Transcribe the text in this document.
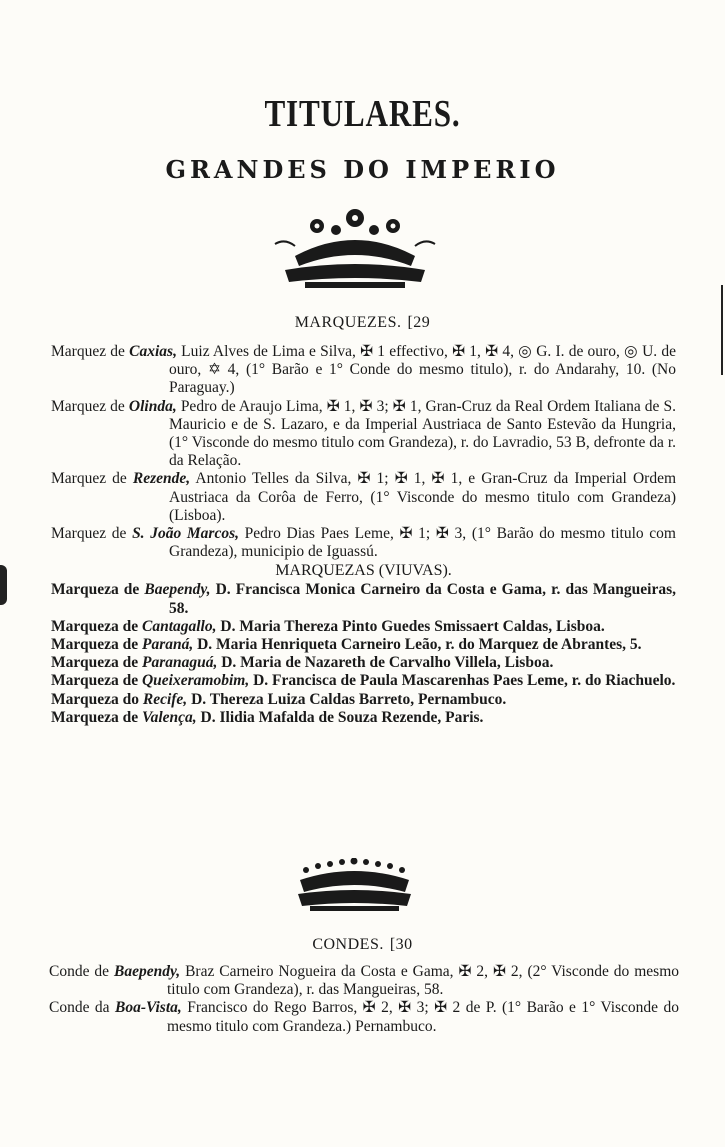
TITULARES.
GRANDES DO IMPERIO
MARQUEZES. [29
Marquez de Caxias, Luiz Alves de Lima e Silva, ✠ 1 effectivo, ✠ 1, ✠ 4, ◎ G. I. de ouro, ◎ U. de ouro, ✡ 4, (1° Barão e 1° Conde do mesmo titulo), r. do Andarahy, 10. (No Paraguay.)
Marquez de Olinda, Pedro de Araujo Lima, ✠ 1, ✠ 3; ✠ 1, Gran-Cruz da Real Ordem Italiana de S. Mauricio e de S. Lazaro, e da Imperial Austriaca de Santo Estevão da Hungria, (1° Visconde do mesmo titulo com Grandeza), r. do Lavradio, 53 B, defronte da r. da Relação.
Marquez de Rezende, Antonio Telles da Silva, ✠ 1; ✠ 1, ✠ 1, e Gran-Cruz da Imperial Ordem Austriaca da Corôa de Ferro, (1° Visconde do mesmo titulo com Grandeza) (Lisboa).
Marquez de S. João Marcos, Pedro Dias Paes Leme, ✠ 1; ✠ 3, (1° Barão do mesmo titulo com Grandeza), municipio de Iguassú.
MARQUEZAS (VIUVAS).
Marqueza de Baependy, D. Francisca Monica Carneiro da Costa e Gama, r. das Mangueiras, 58.
Marqueza de Cantagallo, D. Maria Thereza Pinto Guedes Smissaert Caldas, Lisboa.
Marqueza de Paraná, D. Maria Henriqueta Carneiro Leão, r. do Marquez de Abrantes, 5.
Marqueza de Paranaguá, D. Maria de Nazareth de Carvalho Villela, Lisboa.
Marqueza de Queixeramobim, D. Francisca de Paula Mascarenhas Paes Leme, r. do Riachuelo.
Marqueza do Recife, D. Thereza Luiza Caldas Barreto, Pernambuco.
Marqueza de Valença, D. Ilidia Mafalda de Souza Rezende, Paris.
CONDES. [30
Conde de Baependy, Braz Carneiro Nogueira da Costa e Gama, ✠ 2, ✠ 2, (2° Visconde do mesmo titulo com Grandeza), r. das Mangueiras, 58.
Conde da Boa-Vista, Francisco do Rego Barros, ✠ 2, ✠ 3; ✠ 2 de P. (1° Barão e 1° Visconde do mesmo titulo com Grandeza.) Pernambuco.
